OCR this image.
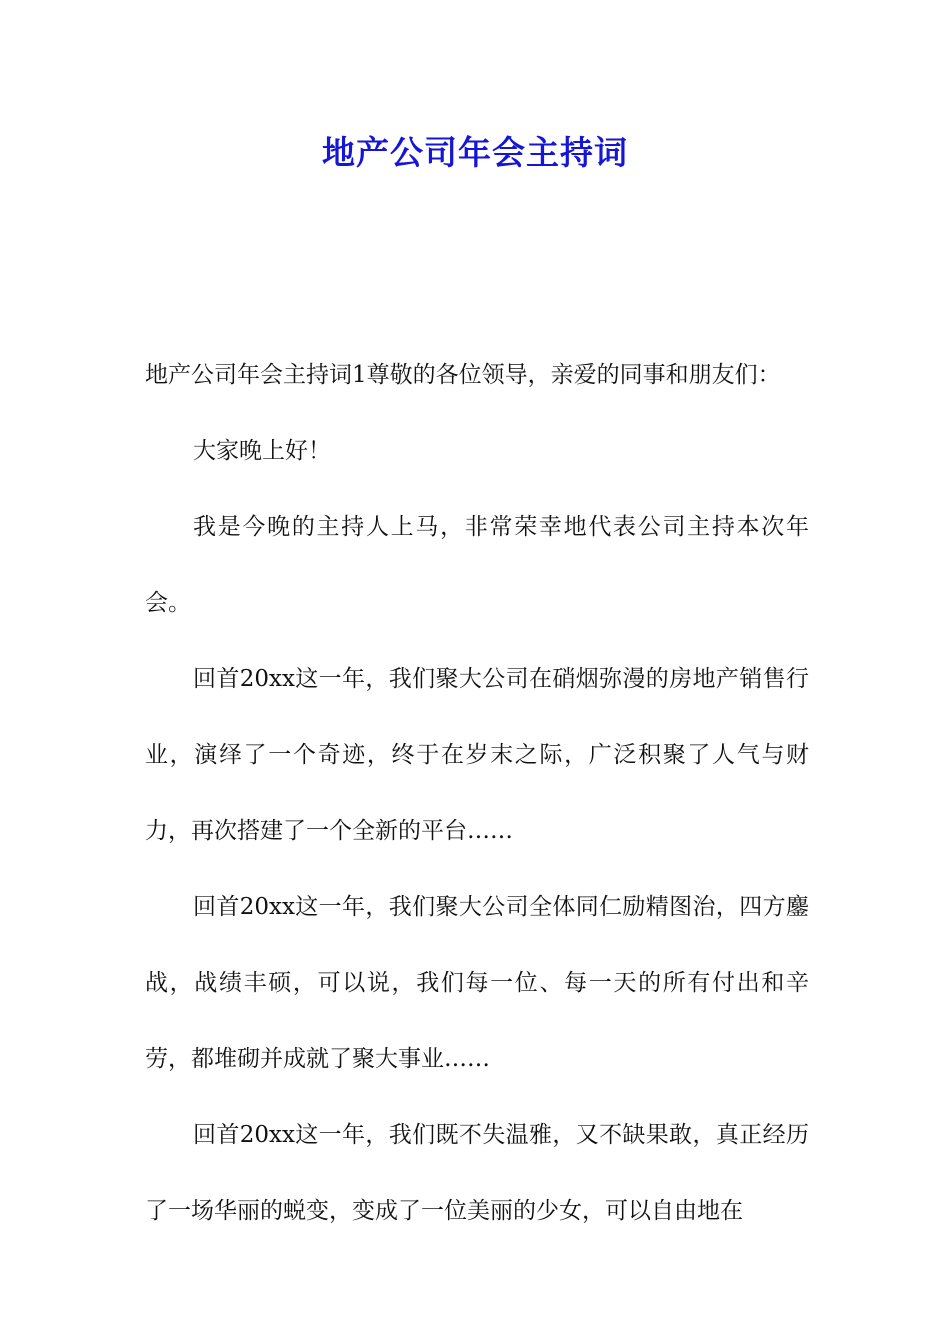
地产公司年会主持词

地产公司年会主持词1尊敬的各位领导，亲爱的同事和朋友们：

大家晚上好！

我是今晚的主持人上马，非常荣幸地代表公司主持本次年会。

回首20xx这一年，我们聚大公司在硝烟弥漫的房地产销售行业，演绎了一个奇迹，终于在岁末之际，广泛积聚了人气与财力，再次搭建了一个全新的平台……

回首20xx这一年，我们聚大公司全体同仁励精图治，四方鏖战，战绩丰硕，可以说，我们每一位、每一天的所有付出和辛劳，都堆砌并成就了聚大事业……

回首20xx这一年，我们既不失温雅，又不缺果敢，真正经历了一场华丽的蜕变，变成了一位美丽的少女，可以自由地在
